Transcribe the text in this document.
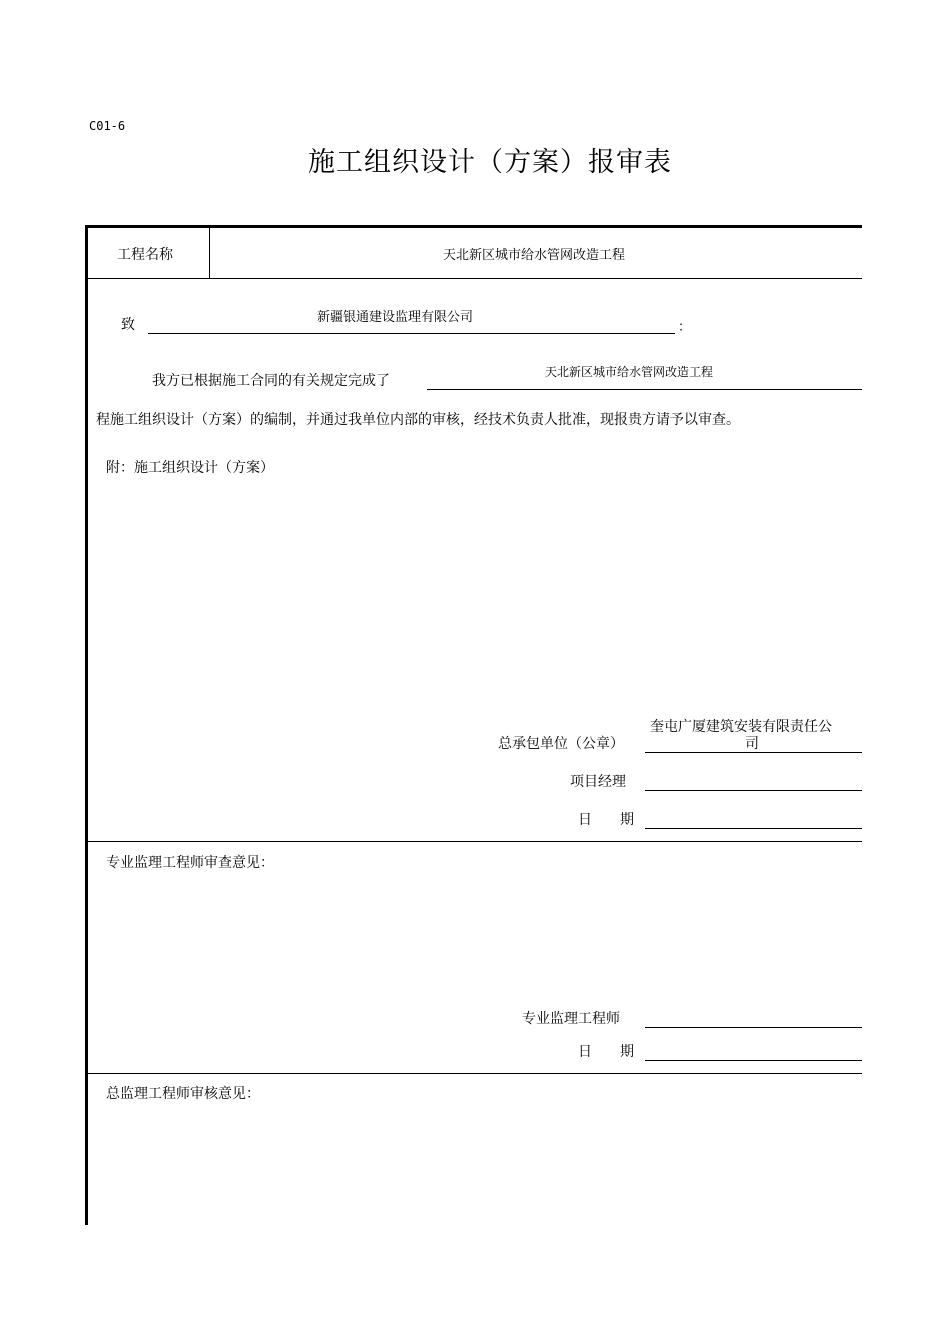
C01-6
施工组织设计（方案）报审表
工程名称	天北新区城市给水管网改造工程
致	新疆银通建设监理有限公司
：
我方已根据施工合同的有关规定完成了
天北新区城市给水管网改造工程
程施工组织设计（方案）的编制，并通过我单位内部的审核，经技术负责人批准，现报贵方请予以审查。
附：施工组织设计（方案）
总承包单位（公章）
奎屯广厦建筑安装有限责任公
司
项目经理
日　　期
专业监理工程师审查意见：
专业监理工程师
日　　期
总监理工程师审核意见：
